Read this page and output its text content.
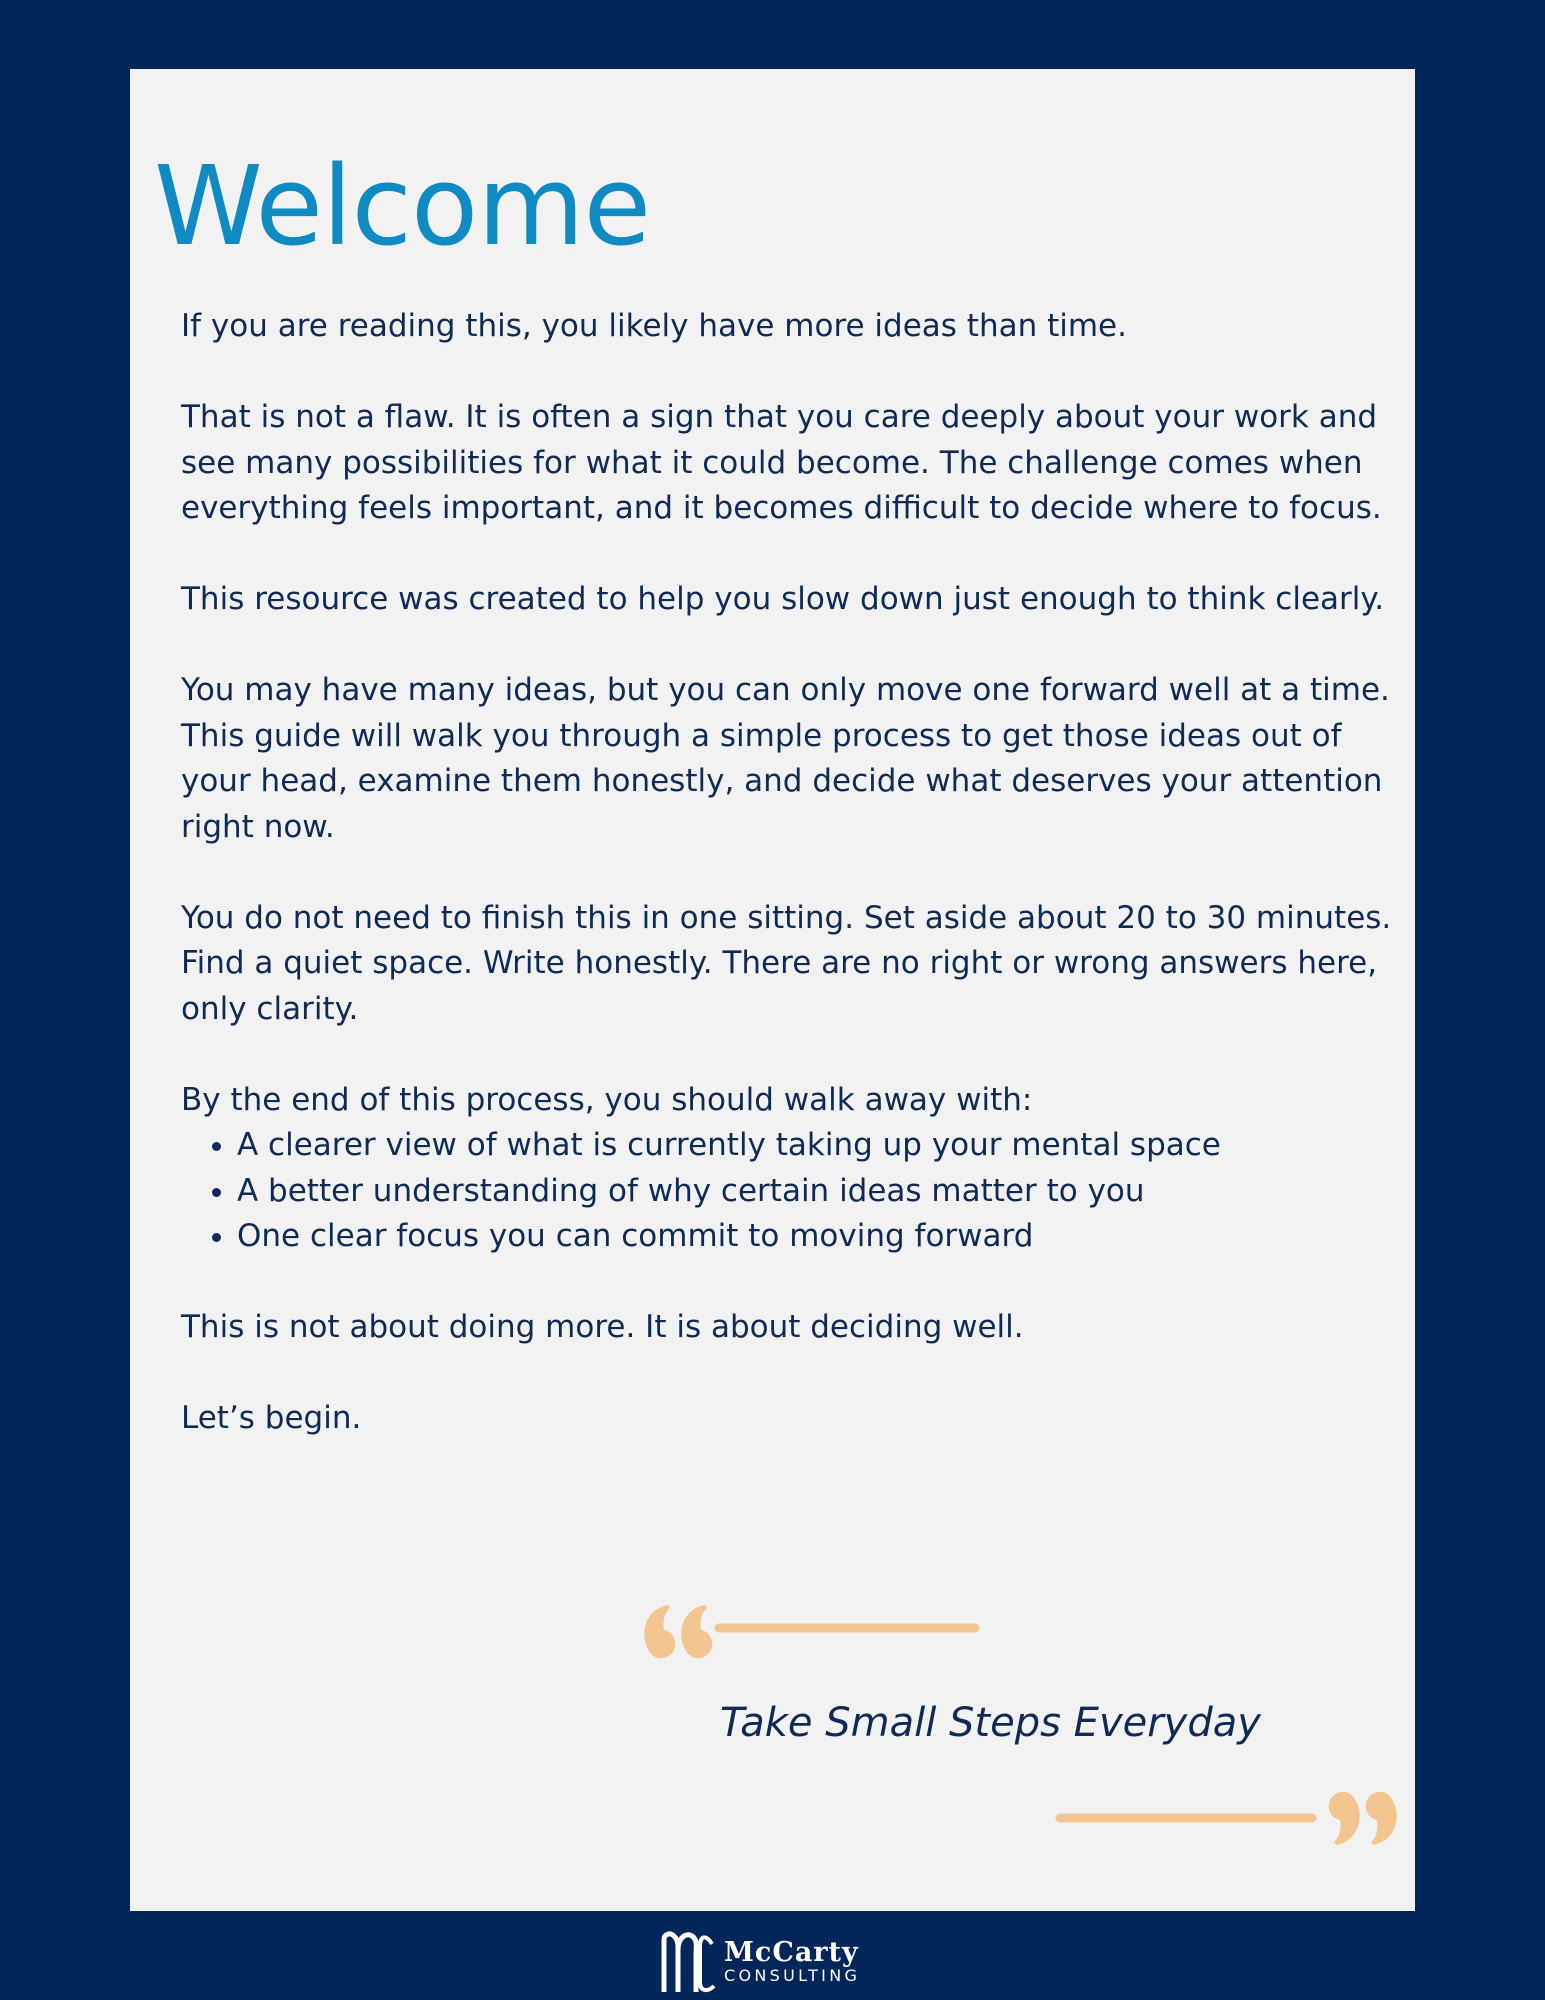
Welcome

If you are reading this, you likely have more ideas than time.

That is not a flaw. It is often a sign that you care deeply about your work and see many possibilities for what it could become. The challenge comes when everything feels important, and it becomes difficult to decide where to focus.

This resource was created to help you slow down just enough to think clearly.

You may have many ideas, but you can only move one forward well at a time. This guide will walk you through a simple process to get those ideas out of your head, examine them honestly, and decide what deserves your attention right now.

You do not need to finish this in one sitting. Set aside about 20 to 30 minutes. Find a quiet space. Write honestly. There are no right or wrong answers here, only clarity.

By the end of this process, you should walk away with:

• A clearer view of what is currently taking up your mental space
• A better understanding of why certain ideas matter to you
• One clear focus you can commit to moving forward

This is not about doing more. It is about deciding well.

Let’s begin.

Take Small Steps Everyday
McCarty
CONSULTING
